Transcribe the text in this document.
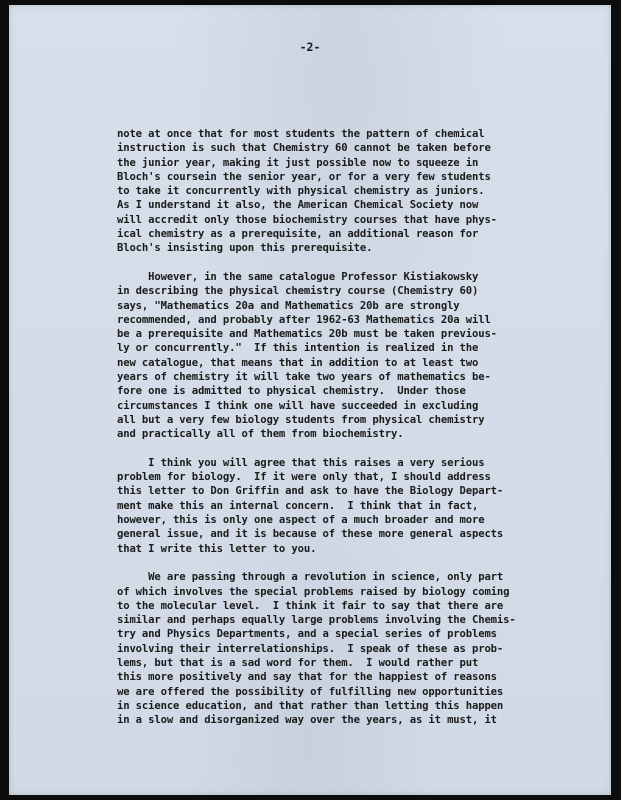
-2-
note at once that for most students the pattern of chemical
instruction is such that Chemistry 60 cannot be taken before
the junior year, making it just possible now to squeeze in
Bloch's coursein the senior year, or for a very few students
to take it concurrently with physical chemistry as juniors.
As I understand it also, the American Chemical Society now
will accredit only those biochemistry courses that have phys-
ical chemistry as a prerequisite, an additional reason for
Bloch's insisting upon this prerequisite.
However, in the same catalogue Professor Kistiakowsky
in describing the physical chemistry course (Chemistry 60)
says, "Mathematics 20a and Mathematics 20b are strongly
recommended, and probably after 1962-63 Mathematics 20a will
be a prerequisite and Mathematics 20b must be taken previous-
ly or concurrently."  If this intention is realized in the
new catalogue, that means that in addition to at least two
years of chemistry it will take two years of mathematics be-
fore one is admitted to physical chemistry.  Under those
circumstances I think one will have succeeded in excluding
all but a very few biology students from physical chemistry
and practically all of them from biochemistry.
I think you will agree that this raises a very serious
problem for biology.  If it were only that, I should address
this letter to Don Griffin and ask to have the Biology Depart-
ment make this an internal concern.  I think that in fact,
however, this is only one aspect of a much broader and more
general issue, and it is because of these more general aspects
that I write this letter to you.
We are passing through a revolution in science, only part
of which involves the special problems raised by biology coming
to the molecular level.  I think it fair to say that there are
similar and perhaps equally large problems involving the Chemis-
try and Physics Departments, and a special series of problems
involving their interrelationships.  I speak of these as prob-
lems, but that is a sad word for them.  I would rather put
this more positively and say that for the happiest of reasons
we are offered the possibility of fulfilling new opportunities
in science education, and that rather than letting this happen
in a slow and disorganized way over the years, as it must, it
